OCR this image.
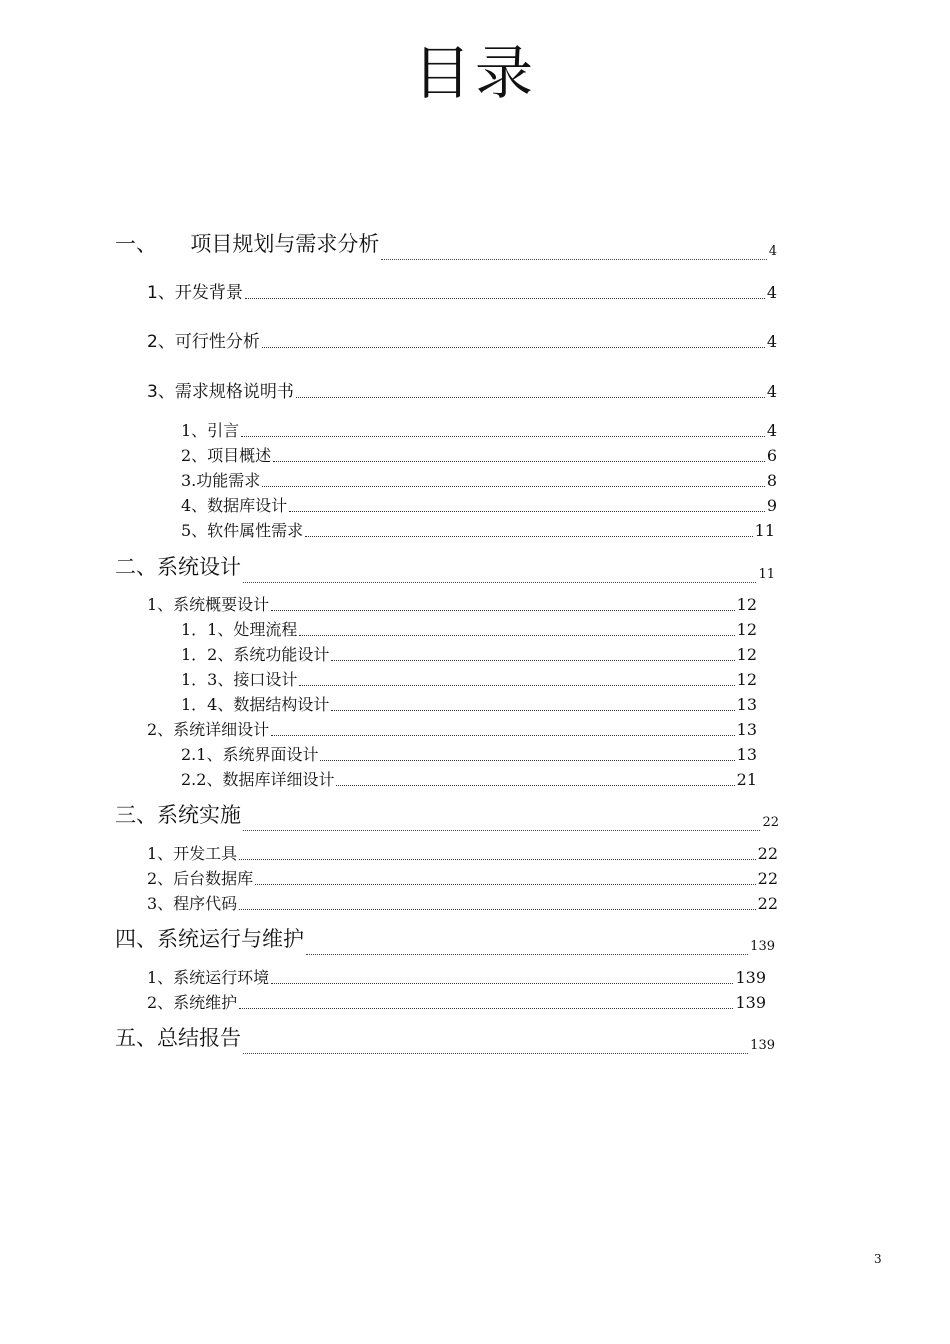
目录
一、     项目规划与需求分析	4
1、开发背景	4
2、可行性分析	4
3、需求规格说明书	4
1、引言	4
2、项目概述	6
3.功能需求	8
4、数据库设计	9
5、软件属性需求	11
二、系统设计	11
1、系统概要设计	12
1．1、处理流程	12
1．2、系统功能设计	12
1．3、接口设计	12
1．4、数据结构设计	13
2、系统详细设计	13
2.1、系统界面设计	13
2.2、数据库详细设计	21
三、系统实施	22
1、开发工具	22
2、后台数据库	22
3、程序代码	22
四、系统运行与维护	139
1、系统运行环境	139
2、系统维护	139
五、总结报告	139
3
